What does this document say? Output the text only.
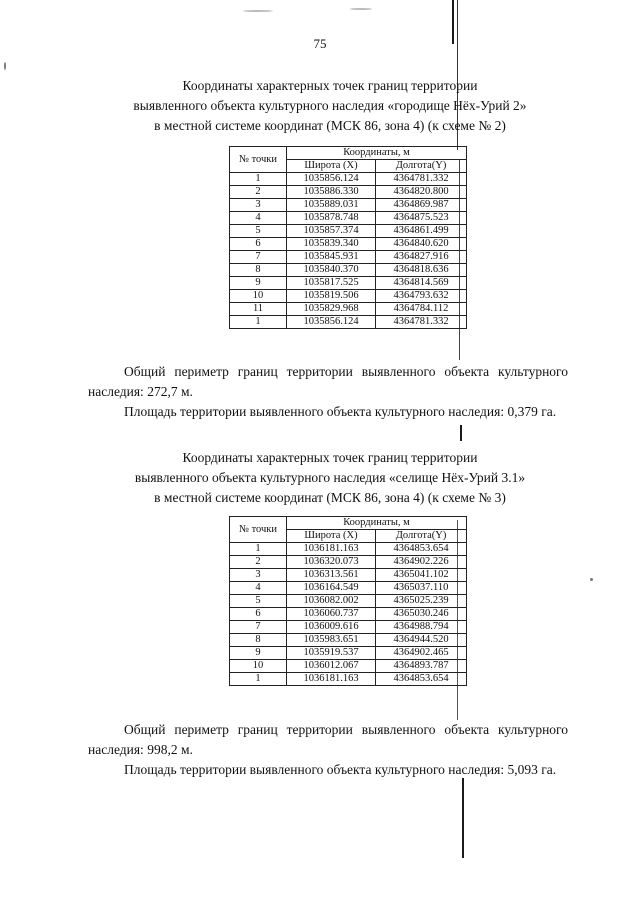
75
Координаты характерных точек границ территории
выявленного объекта культурного наследия «городище Нёх-Урий 2»
в местной системе координат (МСК 86, зона 4) (к схеме № 2)
№ точки	Координаты, м	
	Широта (X)	Долгота(Y)
1	1035856.124	4364781.332
2	1035886.330	4364820.800
3	1035889.031	4364869.987
4	1035878.748	4364875.523
5	1035857.374	4364861.499
6	1035839.340	4364840.620
7	1035845.931	4364827.916
8	1035840.370	4364818.636
9	1035817.525	4364814.569
10	1035819.506	4364793.632
11	1035829.968	4364784.112
1	1035856.124	4364781.332

Общий периметр границ территории выявленного объекта культурного наследия: 272,7 м.

Площадь территории выявленного объекта культурного наследия: 0,379 га.

Координаты характерных точек границ территории
выявленного объекта культурного наследия «селище Нёх-Урий 3.1»
в местной системе координат (МСК 86, зона 4) (к схеме № 3)
№ точки	Координаты, м	
	Широта (X)	Долгота(Y)
1	1036181.163	4364853.654
2	1036320.073	4364902.226
3	1036313.561	4365041.102
4	1036164.549	4365037.110
5	1036082.002	4365025.239
6	1036060.737	4365030.246
7	1036009.616	4364988.794
8	1035983.651	4364944.520
9	1035919.537	4364902.465
10	1036012.067	4364893.787
1	1036181.163	4364853.654

Общий периметр границ территории выявленного объекта культурного наследия: 998,2 м.

Площадь территории выявленного объекта культурного наследия: 5,093 га.
